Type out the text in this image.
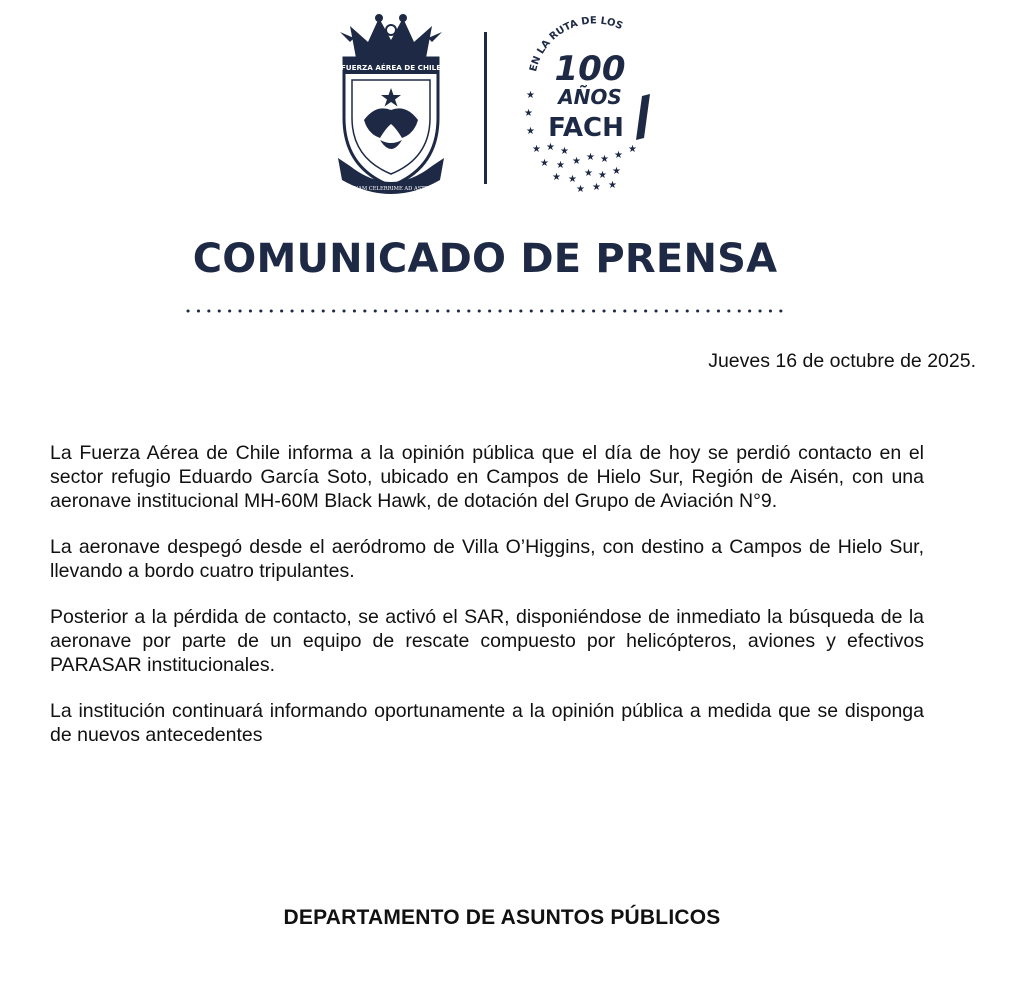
FUERZA AÉREA DE CHILE
QUAM CELERRIME AD ASTRA
EN LA RUTA DE LOS
100
AÑOS
FACH
★
★
★
★ ★ ★
★ ★ ★ ★ ★ ★
★
★ ★
★ ★ ★
★ ★ ★
COMUNICADO DE PRENSA
Jueves 16 de octubre de 2025.

La Fuerza Aérea de Chile informa a la opinión pública que el día de hoy se perdió contacto en el sector refugio Eduardo García Soto, ubicado en Campos de Hielo Sur, Región de Aisén, con una aeronave institucional MH-60M Black Hawk, de dotación del Grupo de Aviación N°9.

La aeronave despegó desde el aeródromo de Villa O’Higgins, con destino a Campos de Hielo Sur, llevando a bordo cuatro tripulantes.

Posterior a la pérdida de contacto, se activó el SAR, disponiéndose de inmediato la búsqueda de la aeronave por parte de un equipo de rescate compuesto por helicópteros, aviones y efectivos PARASAR institucionales.

La institución continuará informando oportunamente a la opinión pública a medida que se disponga de nuevos antecedentes

DEPARTAMENTO DE ASUNTOS PÚBLICOS
